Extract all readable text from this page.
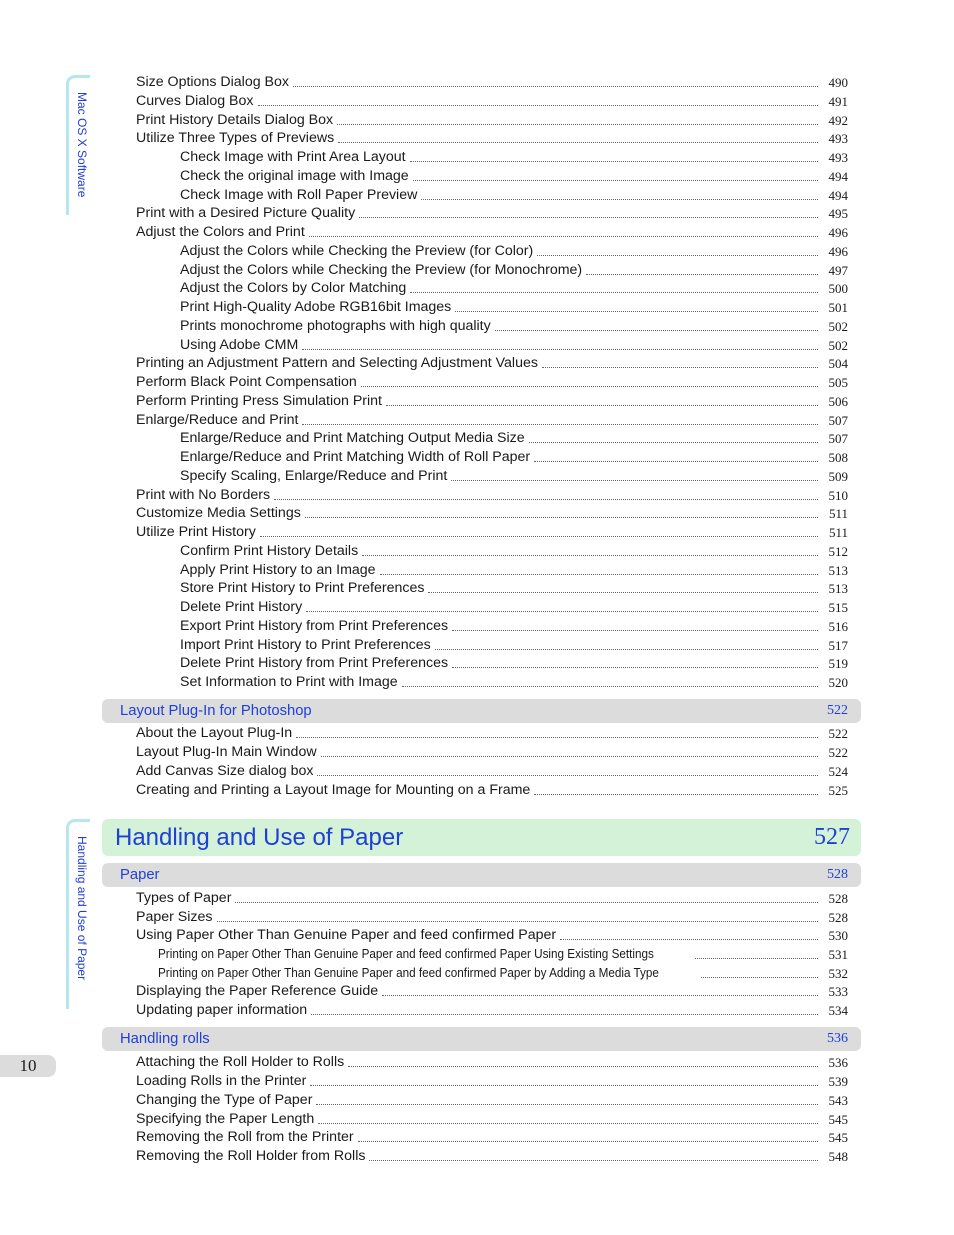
Mac OS X Software
Handling and Use of Paper
10
Layout Plug-In for Photoshop	522
Handling and Use of Paper	527
Paper	528
Handling rolls	536
Size Options Dialog Box	490
Curves Dialog Box	491
Print History Details Dialog Box	492
Utilize Three Types of Previews	493
Check Image with Print Area Layout	493
Check the original image with Image	494
Check Image with Roll Paper Preview	494
Print with a Desired Picture Quality	495
Adjust the Colors and Print	496
Adjust the Colors while Checking the Preview (for Color)	496
Adjust the Colors while Checking the Preview (for Monochrome)	497
Adjust the Colors by Color Matching	500
Print High-Quality Adobe RGB16bit Images	501
Prints monochrome photographs with high quality	502
Using Adobe CMM	502
Printing an Adjustment Pattern and Selecting Adjustment Values	504
Perform Black Point Compensation	505
Perform Printing Press Simulation Print	506
Enlarge/Reduce and Print	507
Enlarge/Reduce and Print Matching Output Media Size	507
Enlarge/Reduce and Print Matching Width of Roll Paper	508
Specify Scaling, Enlarge/Reduce and Print	509
Print with No Borders	510
Customize Media Settings	511
Utilize Print History	511
Confirm Print History Details	512
Apply Print History to an Image	513
Store Print History to Print Preferences	513
Delete Print History	515
Export Print History from Print Preferences	516
Import Print History to Print Preferences	517
Delete Print History from Print Preferences	519
Set Information to Print with Image	520
About the Layout Plug-In	522
Layout Plug-In Main Window	522
Add Canvas Size dialog box	524
Creating and Printing a Layout Image for Mounting on a Frame	525
Types of Paper	528
Paper Sizes	528
Using Paper Other Than Genuine Paper and feed confirmed Paper	530
Printing on Paper Other Than Genuine Paper and feed confirmed Paper Using Existing Settings	531
Printing on Paper Other Than Genuine Paper and feed confirmed Paper by Adding a Media Type	532
Displaying the Paper Reference Guide	533
Updating paper information	534
Attaching the Roll Holder to Rolls	536
Loading Rolls in the Printer	539
Changing the Type of Paper	543
Specifying the Paper Length	545
Removing the Roll from the Printer	545
Removing the Roll Holder from Rolls	548
